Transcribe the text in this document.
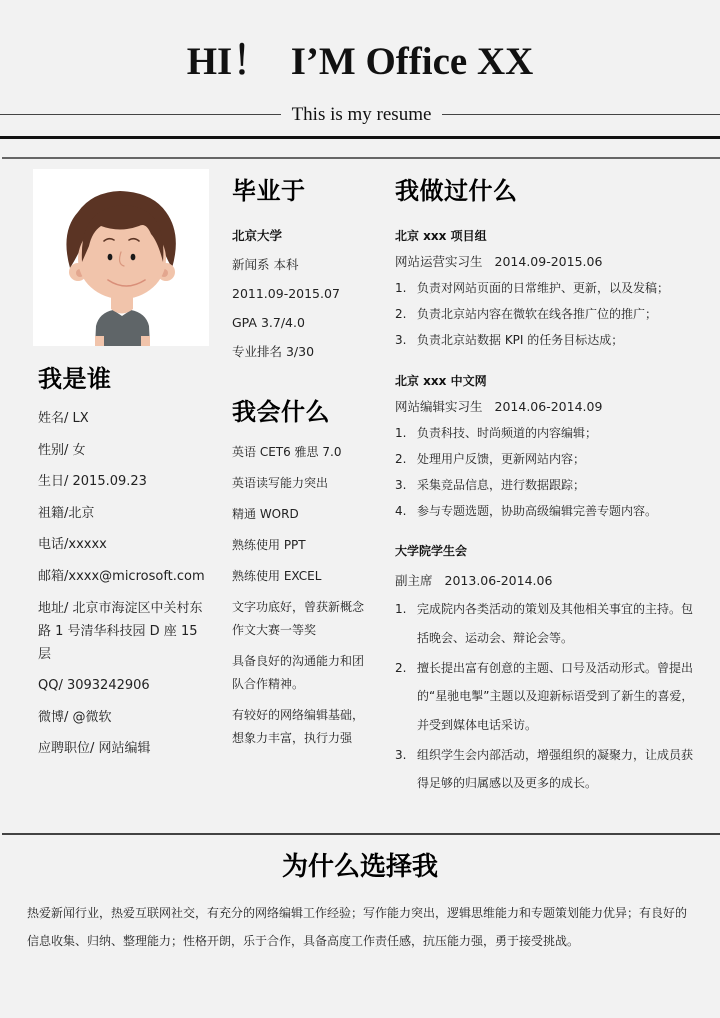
HI！  I’M Office XX
This is my resume
我是谁
姓名/ LX
性别/ 女
生日/ 2015.09.23
祖籍/北京
电话/xxxxx
邮箱/xxxx@microsoft.com
地址/ 北京市海淀区中关村东路 1 号清华科技园 D 座 15 层
QQ/ 3093242906
微博/ @微软
应聘职位/ 网站编辑
毕业于
北京大学
新闻系 本科
2011.09-2015.07
GPA 3.7/4.0
专业排名 3/30
我会什么
英语 CET6 雅思 7.0
英语读写能力突出
精通 WORD
熟练使用 PPT
熟练使用 EXCEL
文字功底好，曾获新概念作文大赛一等奖
具备良好的沟通能力和团队合作精神。
有较好的网络编辑基础，想象力丰富，执行力强
我做过什么
北京 xxx 项目组
网站运营实习生 2014.09-2015.06
1. 负责对网站页面的日常维护、更新，以及发稿；
2. 负责北京站内容在微软在线各推广位的推广；
3. 负责北京站数据 KPI 的任务目标达成；
北京 xxx 中文网
网站编辑实习生 2014.06-2014.09
1. 负责科技、时尚频道的内容编辑；
2. 处理用户反馈，更新网站内容；
3. 采集竞品信息，进行数据跟踪；
4. 参与专题选题，协助高级编辑完善专题内容。
大学院学生会
副主席 2013.06-2014.06
1. 完成院内各类活动的策划及其他相关事宜的主持。包括晚会、运动会、辩论会等。
2. 擅长提出富有创意的主题、口号及活动形式。曾提出的“星驰电掣”主题以及迎新标语受到了新生的喜爱，并受到媒体电话采访。
3. 组织学生会内部活动，增强组织的凝聚力，让成员获得足够的归属感以及更多的成长。
为什么选择我
热爱新闻行业，热爱互联网社交，有充分的网络编辑工作经验；写作能力突出，逻辑思维能力和专题策划能力优异；有良好的信息收集、归纳、整理能力；性格开朗，乐于合作，具备高度工作责任感，抗压能力强，勇于接受挑战。
